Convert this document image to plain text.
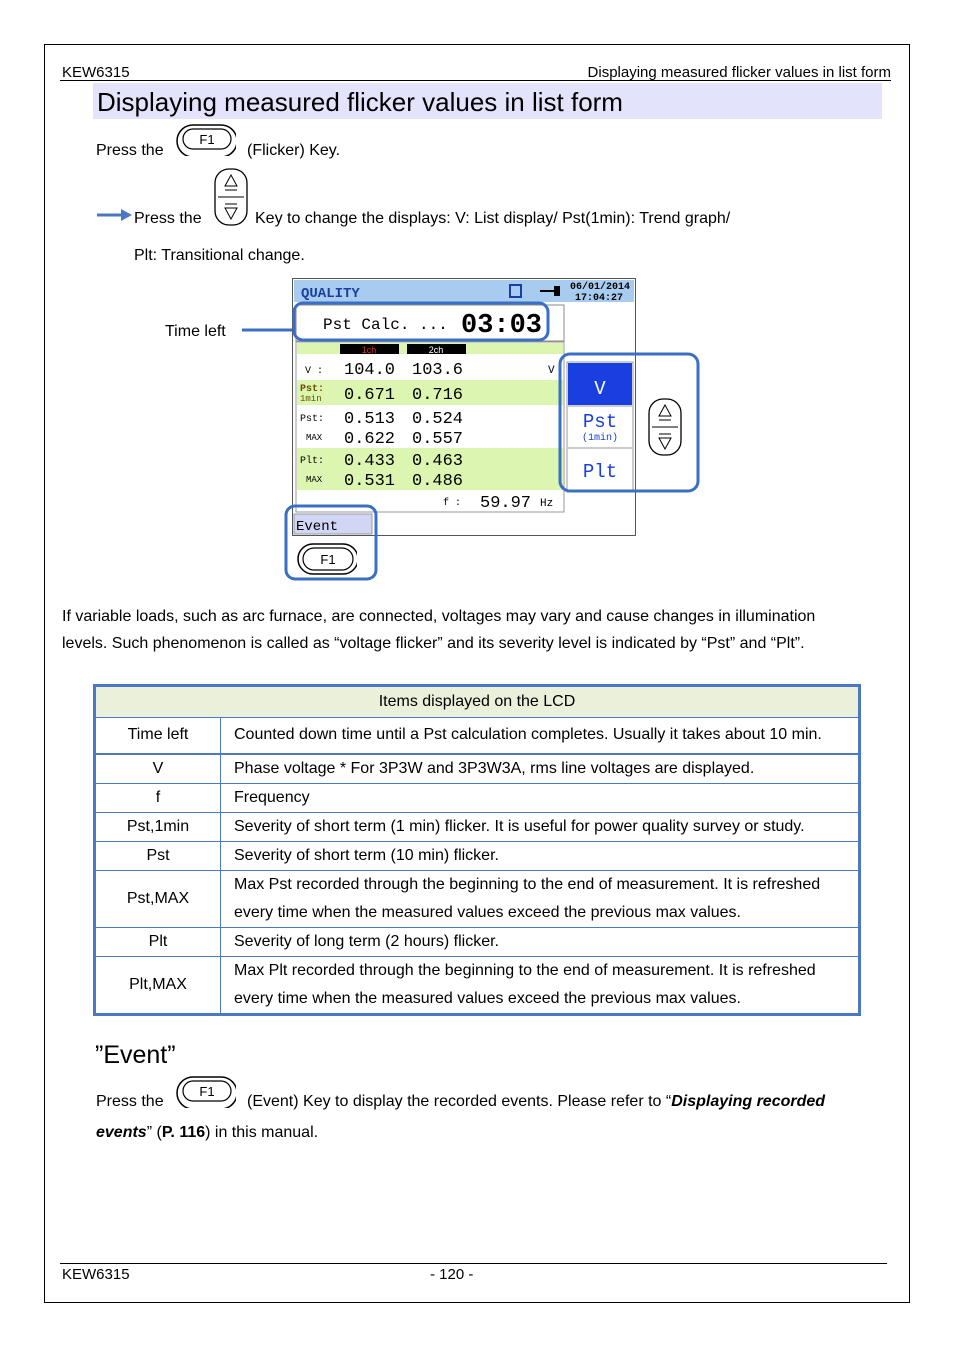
KEW6315	Displaying measured flicker values in list form
Displaying measured flicker values in list form
Press the
F1
(Flicker) Key.
Press the	Key to change the displays: V: List display/ Pst(1min): Trend graph/
Plt: Transitional change.
Time left
QUALITY	06/01/2014
17:04:27
Pst Calc. ... 03:03
1ch	2ch
V : 104.0 103.6	V
Pst:
1min 0.671 0.716
Pst: 0.513 0.524
MAX 0.622 0.557
Plt: 0.433 0.463
MAX 0.531 0.486
f : 59.97 Hz
V
Pst
(1min)
Plt
Event
F1
If variable loads, such as arc furnace, are connected, voltages may vary and cause changes in illumination
levels. Such phenomenon is called as “voltage flicker” and its severity level is indicated by “Pst” and “Plt”.
Items displayed on the LCD	
Time left	Counted down time until a Pst calculation completes. Usually it takes about 10 min.
V	Phase voltage * For 3P3W and 3P3W3A, rms line voltages are displayed.
f	Frequency
Pst,1min	Severity of short term (1 min) flicker. It is useful for power quality survey or study.
Pst	Severity of short term (10 min) flicker.
Pst,MAX	Max Pst recorded through the beginning to the end of measurement. It is refreshed
every time when the measured values exceed the previous max values.

Plt	Severity of long term (2 hours) flicker.
Plt,MAX	Max Plt recorded through the beginning to the end of measurement. It is refreshed
every time when the measured values exceed the previous max values.
”Event”
Press the
F1
(Event) Key to display the recorded events. Please refer to “Displaying recorded
events” (P. 116) in this manual.
KEW6315	- 120 -
